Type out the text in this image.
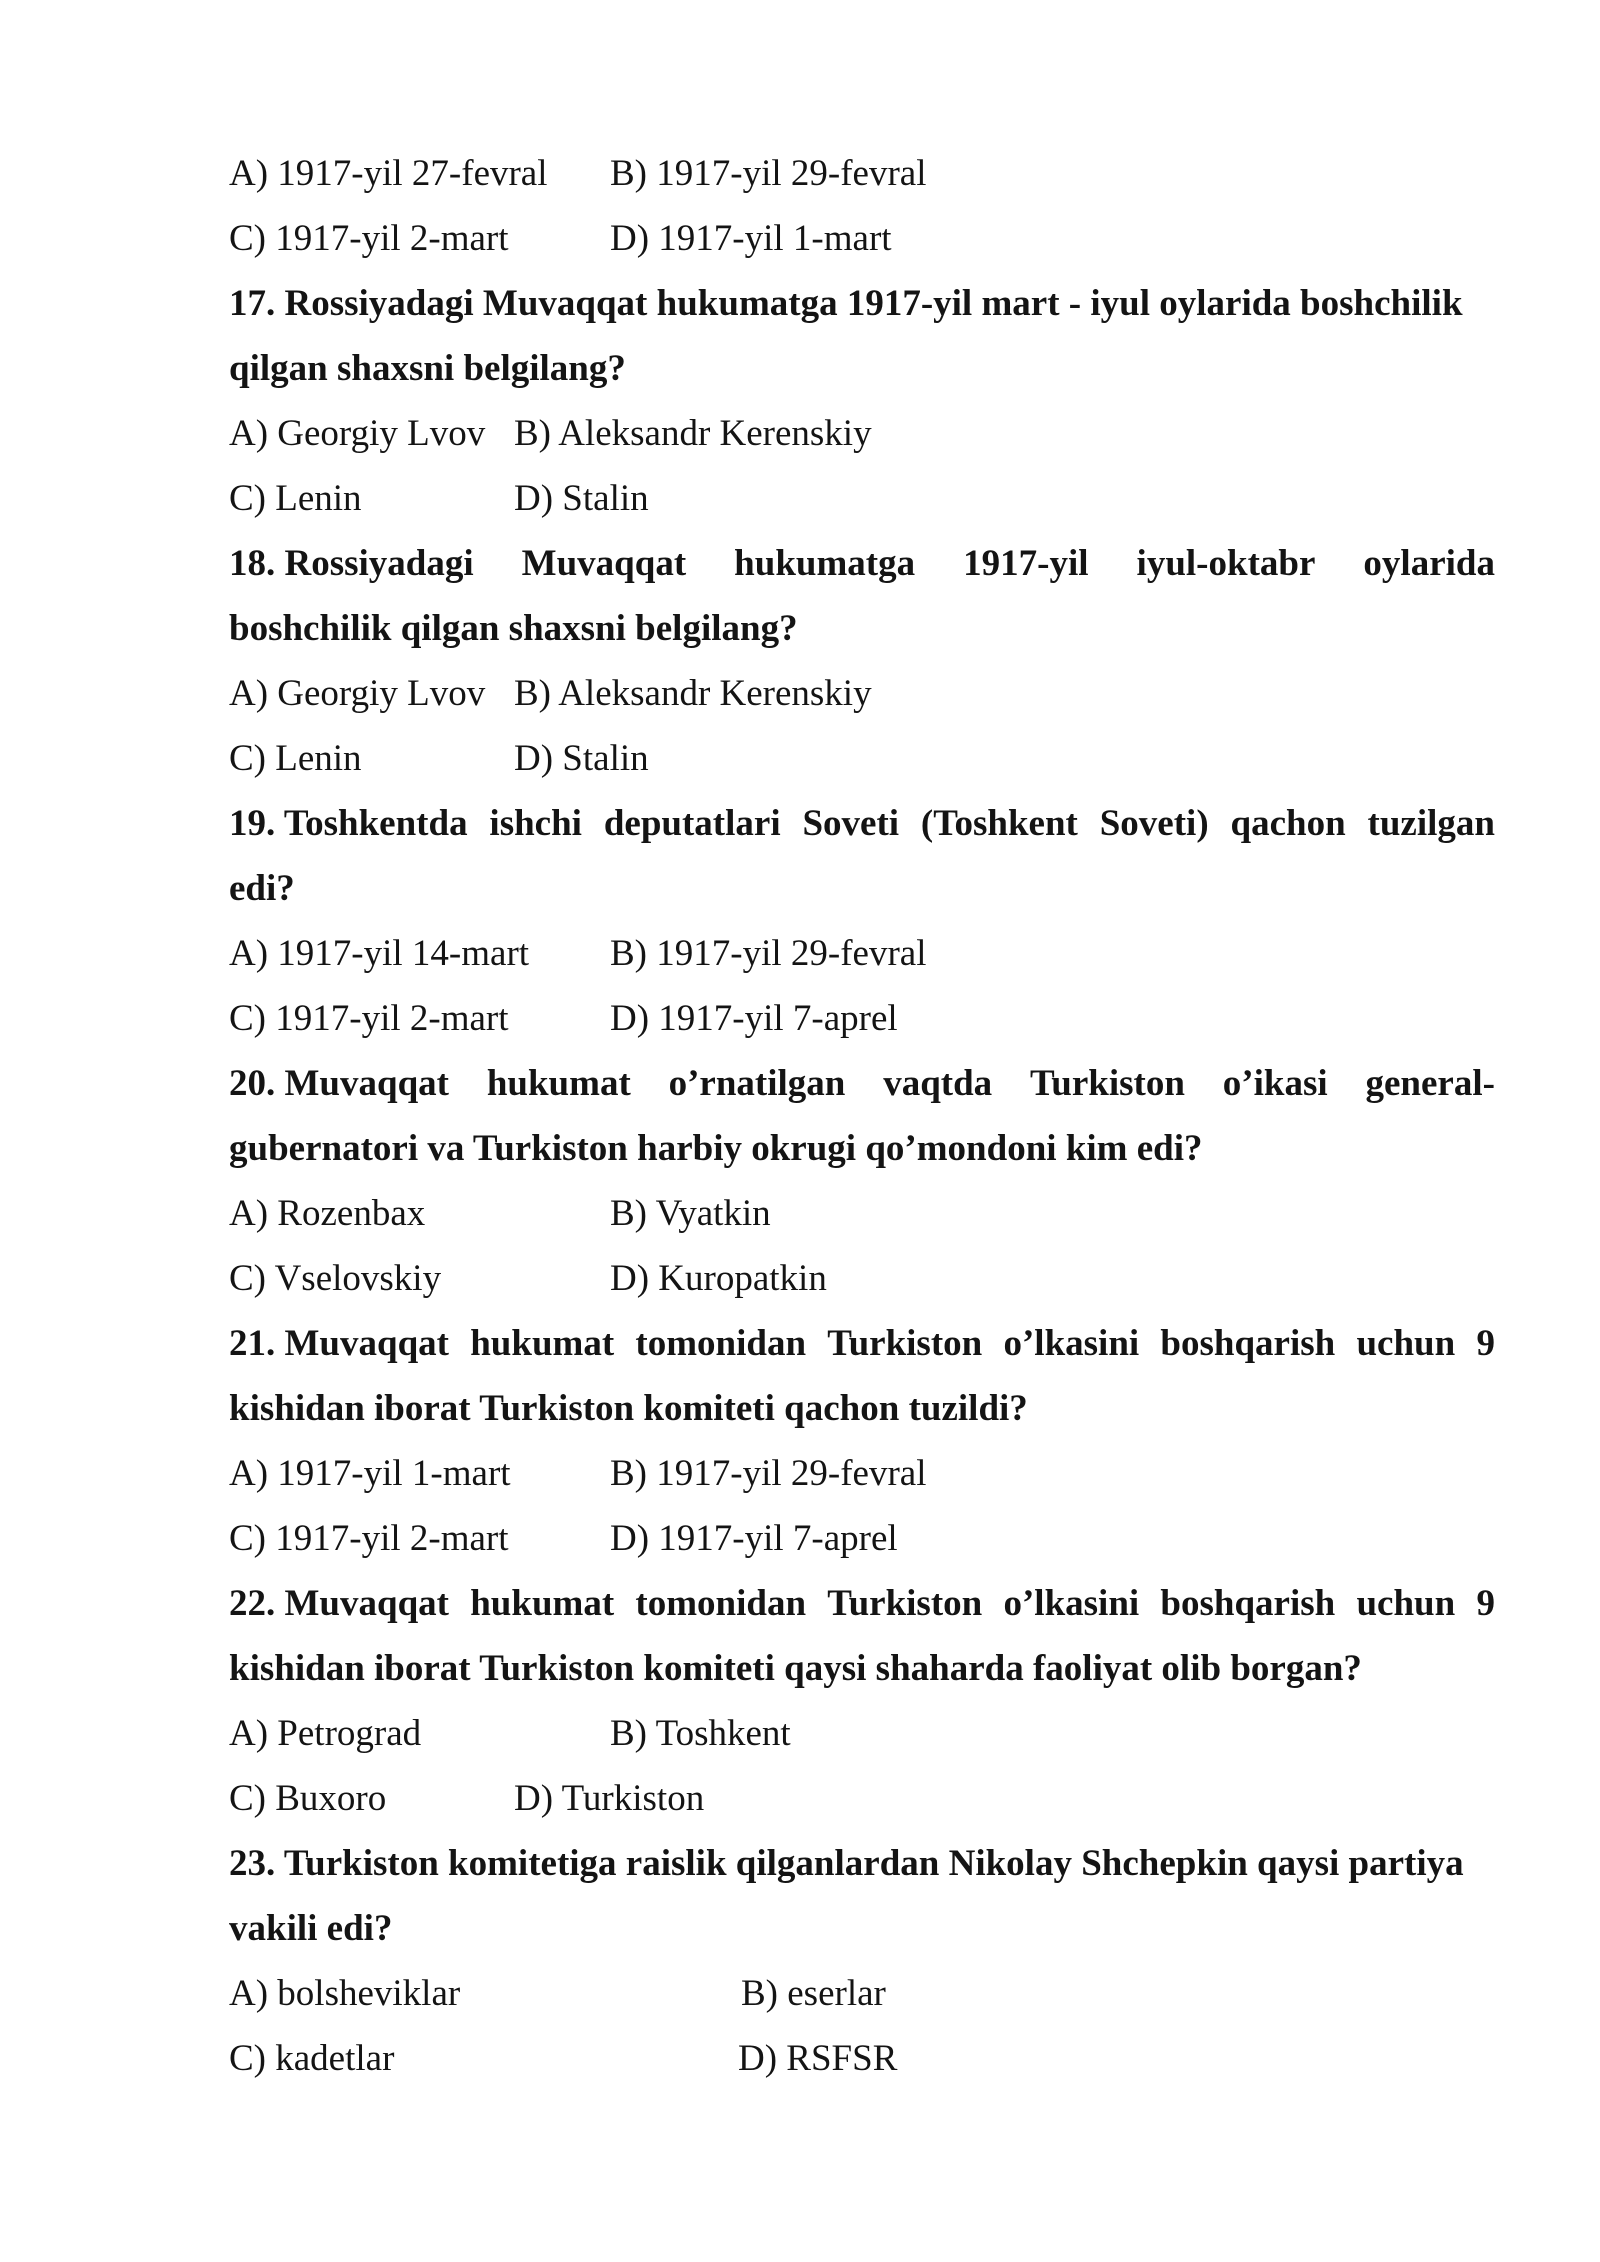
A) 1917-yil 27-fevral B) 1917-yil 29-fevral
C) 1917-yil 2-mart	D) 1917-yil 1-mart
17. Rossiyadagi Muvaqqat hukumatga 1917-yil mart - iyul oylarida boshchilik
qilgan shaxsni belgilang?
A) Georgiy Lvov B) Aleksandr Kerenskiy
C) Lenin	D) Stalin
18. Rossiyadagi Muvaqqat hukumatga 1917-yil iyul-oktabr oylarida
boshchilik qilgan shaxsni belgilang?
A) Georgiy Lvov B) Aleksandr Kerenskiy
C) Lenin	D) Stalin
19. Toshkentda ishchi deputatlari Soveti (Toshkent Soveti) qachon tuzilgan
edi?
A) 1917-yil 14-mart B) 1917-yil 29-fevral
C) 1917-yil 2-mart	D) 1917-yil 7-aprel
20. Muvaqqat hukumat o’rnatilgan vaqtda Turkiston o’ikasi general-
gubernatori va Turkiston harbiy okrugi qo’mondoni kim edi?
A) Rozenbax	B) Vyatkin
C) Vselovskiy	D) Kuropatkin
21. Muvaqqat hukumat tomonidan Turkiston o’lkasini boshqarish uchun 9
kishidan iborat Turkiston komiteti qachon tuzildi?
A) 1917-yil 1-mart	B) 1917-yil 29-fevral
C) 1917-yil 2-mart	D) 1917-yil 7-aprel
22. Muvaqqat hukumat tomonidan Turkiston o’lkasini boshqarish uchun 9
kishidan iborat Turkiston komiteti qaysi shaharda faoliyat olib borgan?
A) Petrograd	B) Toshkent
C) Buxoro	D) Turkiston
23. Turkiston komitetiga raislik qilganlardan Nikolay Shchepkin qaysi partiya
vakili edi?
A) bolsheviklar	B) eserlar
C) kadetlar	D) RSFSR
